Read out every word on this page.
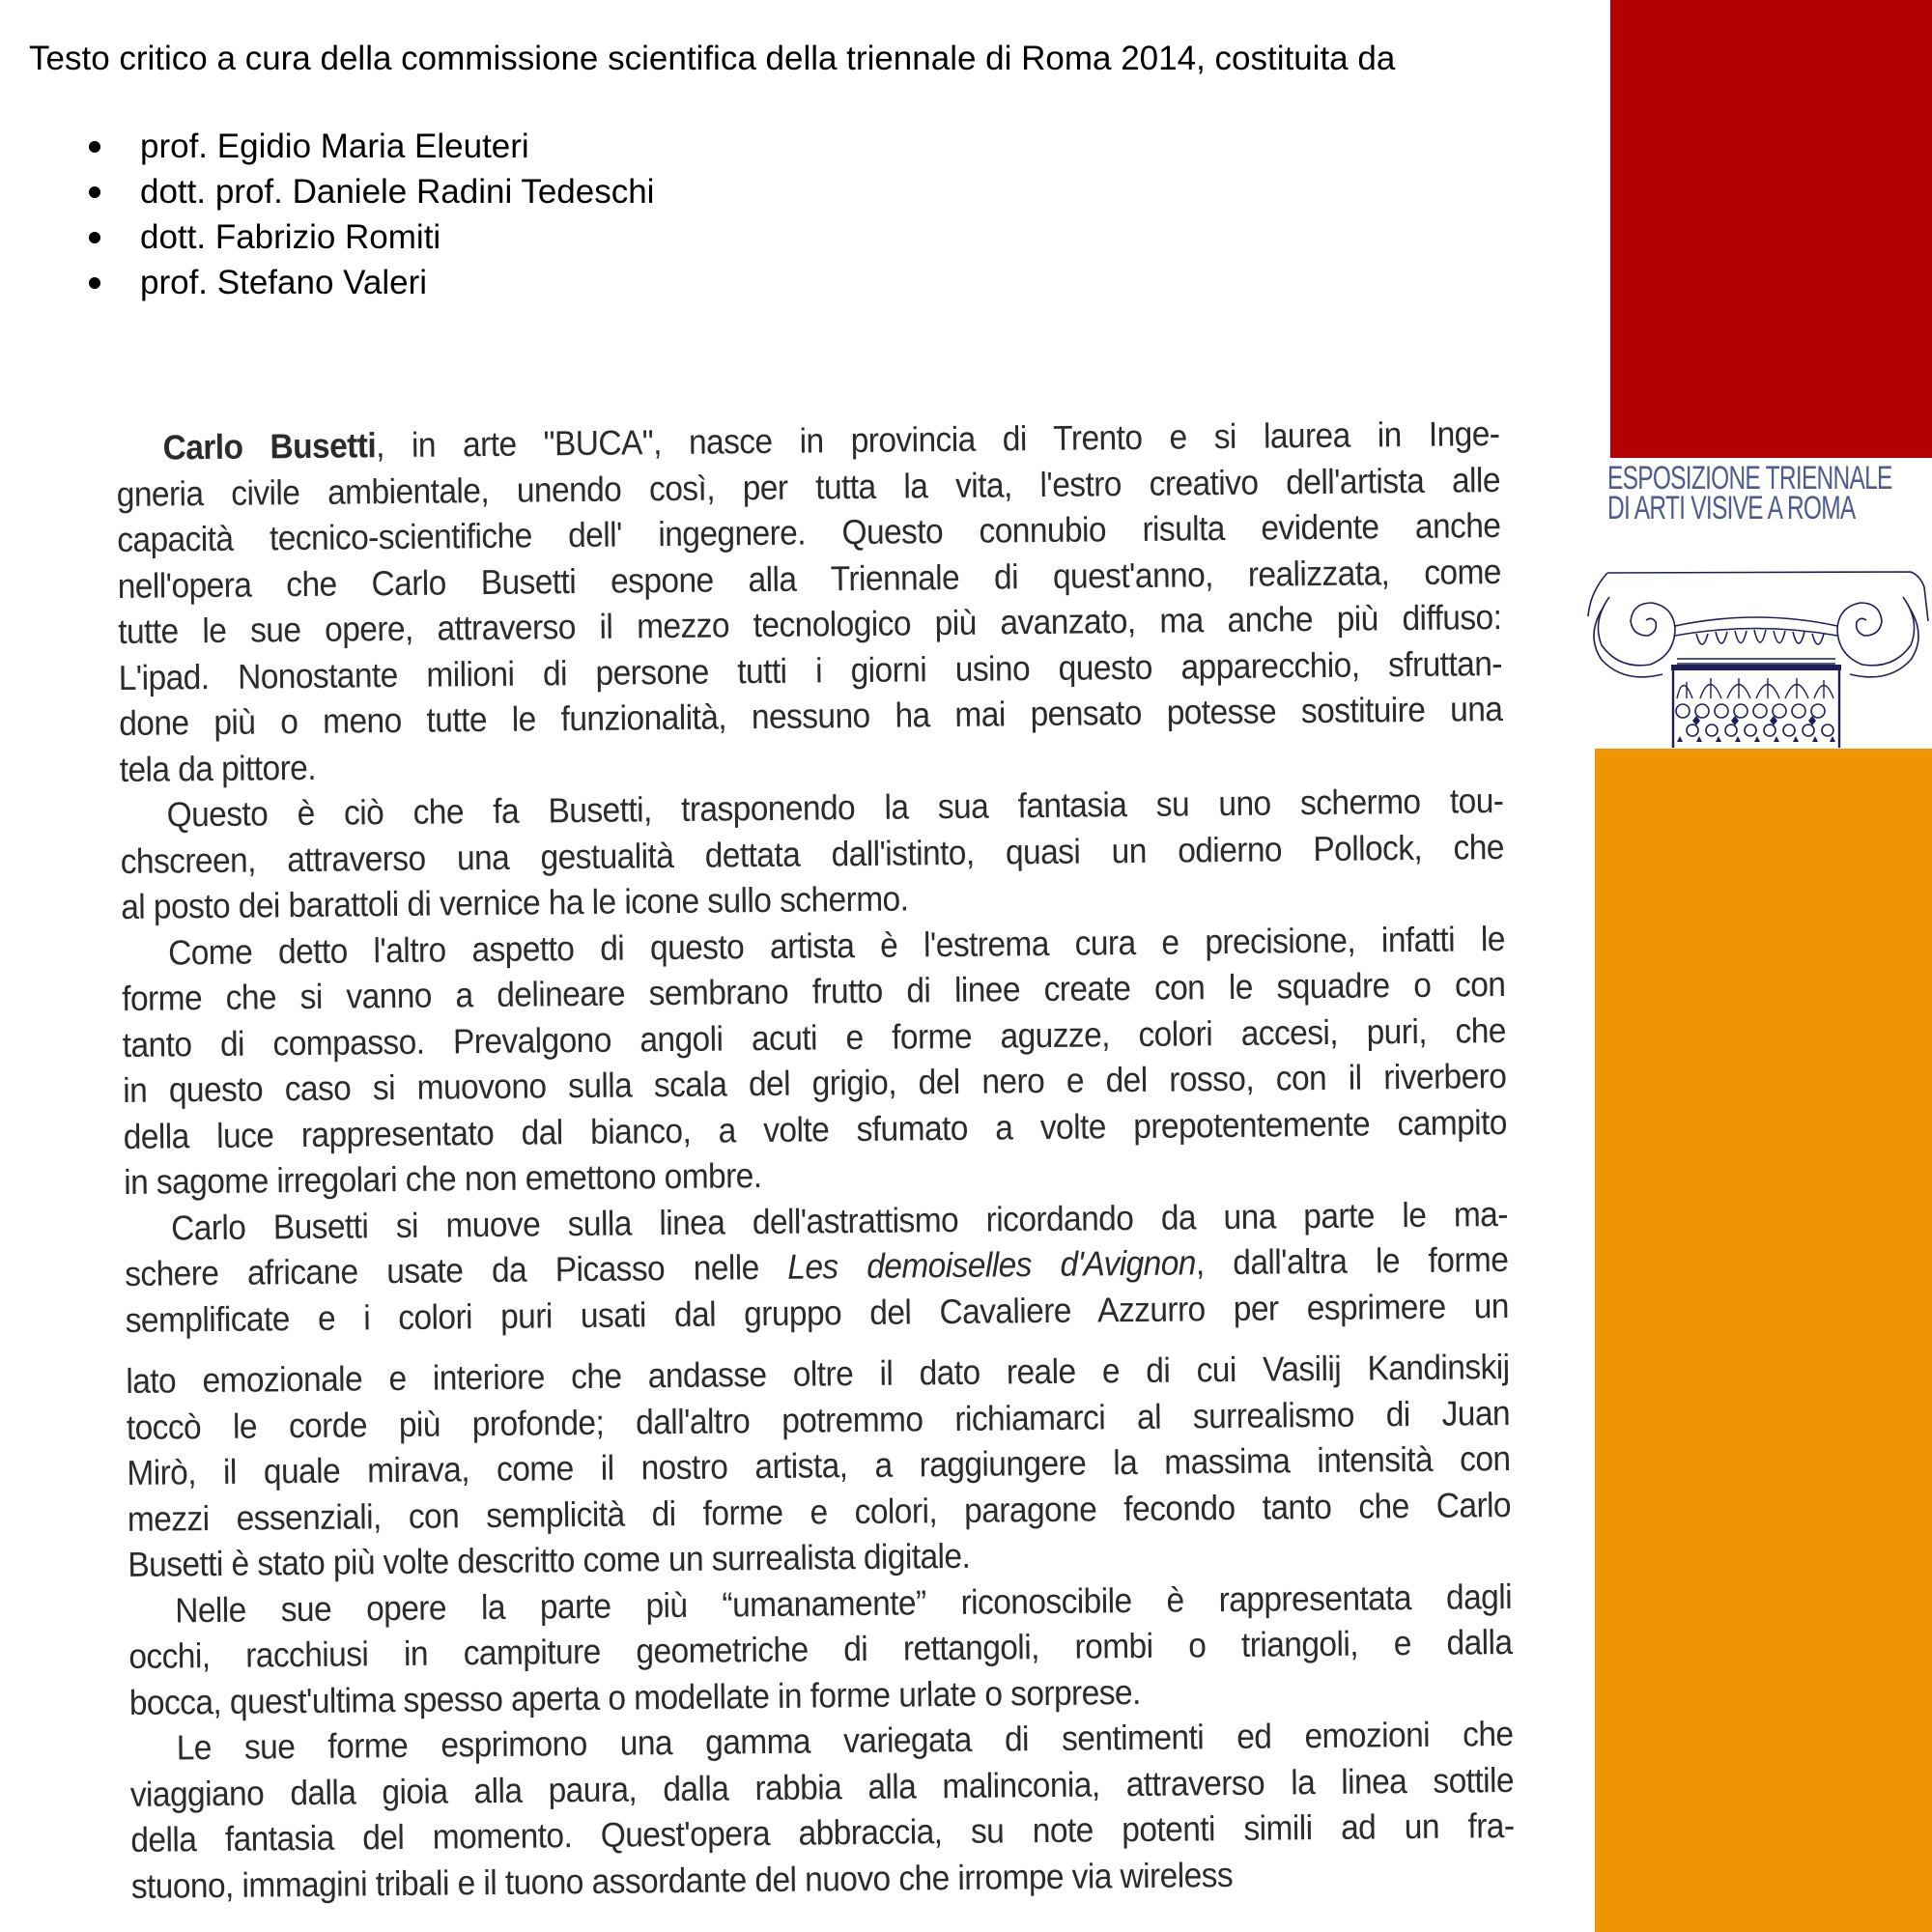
Testo critico a cura della commissione scientifica della triennale di Roma 2014, costituita da
prof. Egidio Maria Eleuteri
dott. prof. Daniele Radini Tedeschi
dott. Fabrizio Romiti
prof. Stefano Valeri
ESPOSIZIONE TRIENNALE
DI ARTI VISIVE A ROMA
Carlo Busetti, in arte "BUCA", nasce in provincia di Trento e si laurea in Inge-
gneria civile ambientale, unendo così, per tutta la vita, l'estro creativo dell'artista alle
capacità tecnico-scientifiche dell' ingegnere. Questo connubio risulta evidente anche
nell'opera che Carlo Busetti espone alla Triennale di quest'anno, realizzata, come
tutte le sue opere, attraverso il mezzo tecnologico più avanzato, ma anche più diffuso:
L'ipad. Nonostante milioni di persone tutti i giorni usino questo apparecchio, sfruttan-
done più o meno tutte le funzionalità, nessuno ha mai pensato potesse sostituire una
tela da pittore.
Questo è ciò che fa Busetti, trasponendo la sua fantasia su uno schermo tou-
chscreen, attraverso una gestualità dettata dall'istinto, quasi un odierno Pollock, che
al posto dei barattoli di vernice ha le icone sullo schermo.
Come detto l'altro aspetto di questo artista è l'estrema cura e precisione, infatti le
forme che si vanno a delineare sembrano frutto di linee create con le squadre o con
tanto di compasso. Prevalgono angoli acuti e forme aguzze, colori accesi, puri, che
in questo caso si muovono sulla scala del grigio, del nero e del rosso, con il riverbero
della luce rappresentato dal bianco, a volte sfumato a volte prepotentemente campito
in sagome irregolari che non emettono ombre.
Carlo Busetti si muove sulla linea dell'astrattismo ricordando da una parte le ma-
schere africane usate da Picasso nelle Les demoiselles d'Avignon, dall'altra le forme
semplificate e i colori puri usati dal gruppo del Cavaliere Azzurro per esprimere un
lato emozionale e interiore che andasse oltre il dato reale e di cui Vasilij Kandinskij
toccò le corde più profonde; dall'altro potremmo richiamarci al surrealismo di Juan
Mirò, il quale mirava, come il nostro artista, a raggiungere la massima intensità con
mezzi essenziali, con semplicità di forme e colori, paragone fecondo tanto che Carlo
Busetti è stato più volte descritto come un surrealista digitale.
Nelle sue opere la parte più “umanamente” riconoscibile è rappresentata dagli
occhi, racchiusi in campiture geometriche di rettangoli, rombi o triangoli, e dalla
bocca, quest'ultima spesso aperta o modellate in forme urlate o sorprese.
Le sue forme esprimono una gamma variegata di sentimenti ed emozioni che
viaggiano dalla gioia alla paura, dalla rabbia alla malinconia, attraverso la linea sottile
della fantasia del momento. Quest'opera abbraccia, su note potenti simili ad un fra-
stuono, immagini tribali e il tuono assordante del nuovo che irrompe via wireless
